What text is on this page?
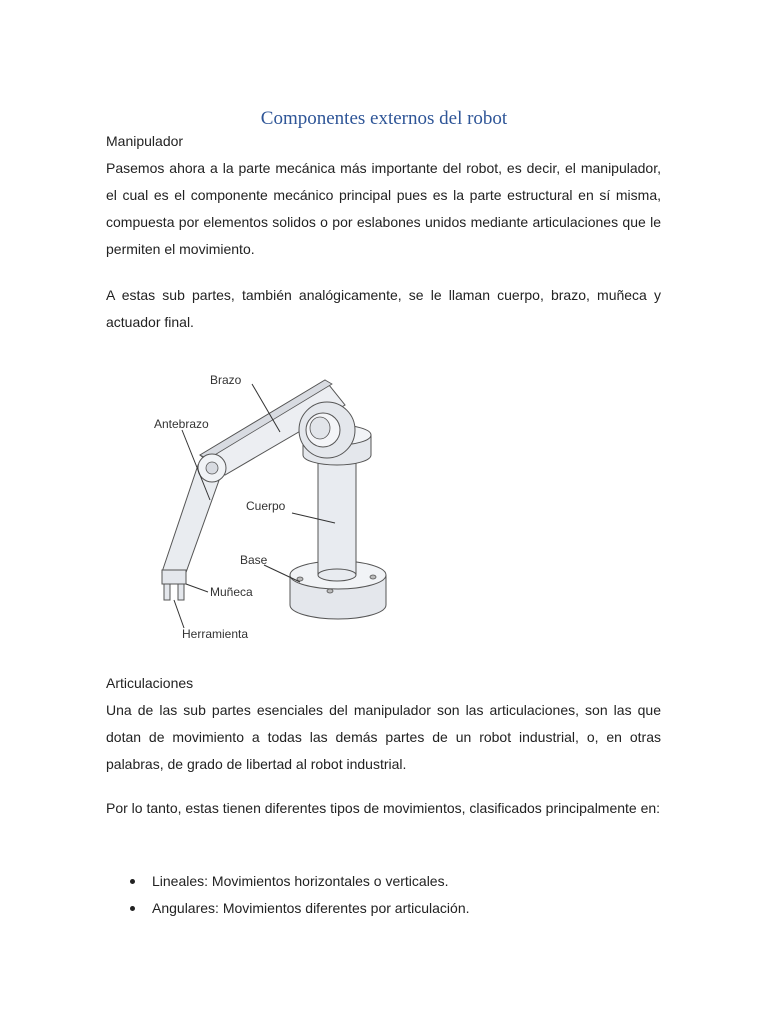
Componentes externos del robot
Manipulador
Pasemos ahora a la parte mecánica más importante del robot, es decir, el manipulador, el cual es el componente mecánico principal pues es la parte estructural en sí misma, compuesta por elementos solidos o por eslabones unidos mediante articulaciones que le permiten el movimiento.
A estas sub partes, también analógicamente, se le llaman cuerpo, brazo, muñeca y actuador final.
Brazo
Antebrazo
Cuerpo
Base
Muñeca
Herramienta
Articulaciones
Una de las sub partes esenciales del manipulador son las articulaciones, son las que dotan de movimiento a todas las demás partes de un robot industrial, o, en otras palabras, de grado de libertad al robot industrial.
Por lo tanto, estas tienen diferentes tipos de movimientos, clasificados principalmente en:
Lineales: Movimientos horizontales o verticales.
Angulares: Movimientos diferentes por articulación.
